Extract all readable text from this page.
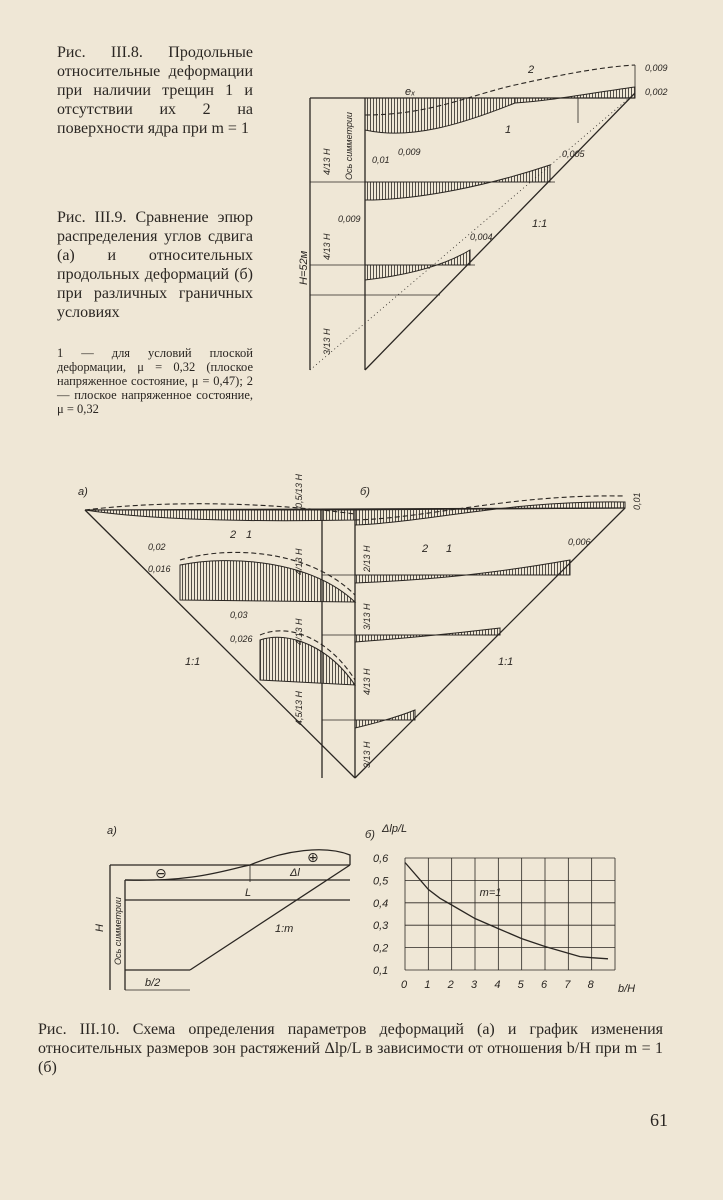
Рис. III.8. Продольные относительные деформации при наличии трещин 1 и отсутствии их 2 на поверхности ядра при m = 1
Рис. III.9. Сравнение эпюр распределения углов сдвига (а) и относительных продольных деформаций (б) при различных граничных условиях
1 — для условий плоской деформации, μ = 0,32 (плоское напряженное состояние, μ = 0,47); 2 — плоское напряженное состояние, μ = 0,32
eₓ
2
1
0,009
0,002
0,01
0,009	0,005
0,009
0,004
1:1
H=52м
Ось симметрии
4/13 H
4/13 H
3/13 H
а)	б)
0,5/13 H	0,01
0,02
0,016
0,03
0,026
0,006
2 1
2 1
4/13 H
4/13 H
4,5/13 H
2/13 H
3/13 H
4/13 H
3/13 H
1:1	1:1
а)
⊖
⊕
Δl
L
H Ось симметрии
b/2
1:m
б) Δlp/L
b/H
0 1 2 3 4 5 6 7 8
0,1
0,2
0,3
0,4
0,5
0,6
m=1
Рис. III.10. Схема определения параметров деформаций (а) и график изменения относительных размеров зон растяжений Δlр/L в зависимости от отношения b/H при m = 1 (б)
61
